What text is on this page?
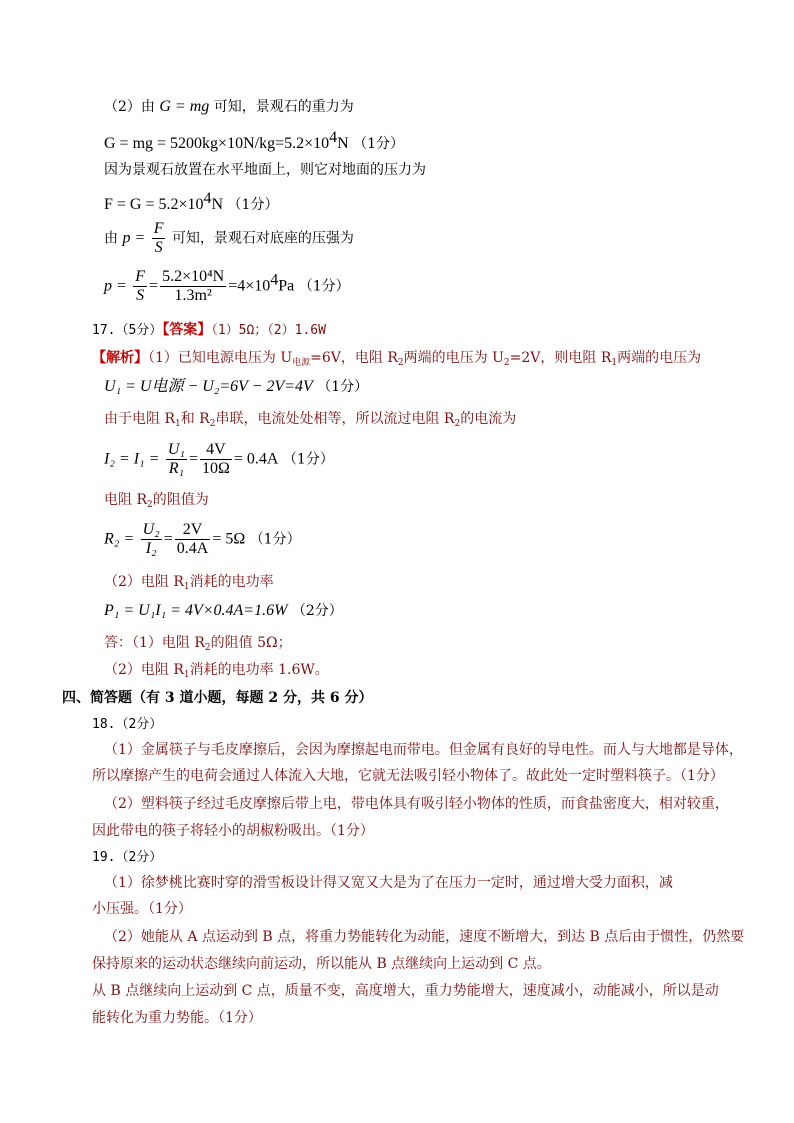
（2）由 G = mg 可知，景观石的重力为
G = mg = 5200kg×10N/kg=5.2×104N （1分）
因为景观石放置在水平地面上，则它对地面的压力为
F = G = 5.2×104N （1分）
由 $p = \frac{F}{S}$ 可知，景观石对底座的压强为
$p = \frac{F}{S} = \frac{\text{5.2×10⁴N}}{\text{1.3m²}} =4\times 104Pa$ （1分）
17.（5分）【答案】（1）5Ω；（2）1.6W
【解析】（1）已知电源电压为 $U_{电源}=6V$，电阻 $R_2$两端的电压为 $U_2=2V$，则电阻 $R_1$两端的电压为
U₁ = U电源 − U₂=6V − 2V=4V （1分）
由于电阻 $R_1$和 $R_2$串联，电流处处相等，所以流过电阻 $R_2$的电流为
$I_2 = I_1 = \frac{\text{U₁}}{\text{R₁}} = \frac{4V}{10\Omega} = 0.4A$ （1分）
电阻 $R_2$的阻值为
$R_2 = \frac{\text{U₂}}{\text{I₂}} = \frac{2V}{0.4A} = 5\Omega$ （1分）
（2）电阻 $R_1$消耗的电功率
P₁ = U₁I₁ = 4V×0.4A=1.6W （2分）
答：（1）电阻 $R_2$的阻值 5Ω；
（2）电阻 $R_1$消耗的电功率 1.6W。
四、简答题（有 3 道小题，每题 2 分，共 6 分）
18.（2分）
（1）金属筷子与毛皮摩擦后，会因为摩擦起电而带电。但金属有良好的导电性。而人与大地都是导体，
所以摩擦产生的电荷会通过人体流入大地，它就无法吸引轻小物体了。故此处一定时塑料筷子。（1分）
（2）塑料筷子经过毛皮摩擦后带上电，带电体具有吸引轻小物体的性质，而食盐密度大，相对较重，
因此带电的筷子将轻小的胡椒粉吸出。（1分）
19.（2分）
（1）徐梦桃比赛时穿的滑雪板设计得又宽又大是为了在压力一定时，通过增大受力面积，减
小压强。（1分）
（2）她能从 A 点运动到 B 点，将重力势能转化为动能，速度不断增大，到达 B 点后由于惯性，仍然要
保持原来的运动状态继续向前运动，所以能从 B 点继续向上运动到 C 点。
从 B 点继续向上运动到 C 点，质量不变，高度增大，重力势能增大，速度减小，动能减小，所以是动
能转化为重力势能。（1分）
